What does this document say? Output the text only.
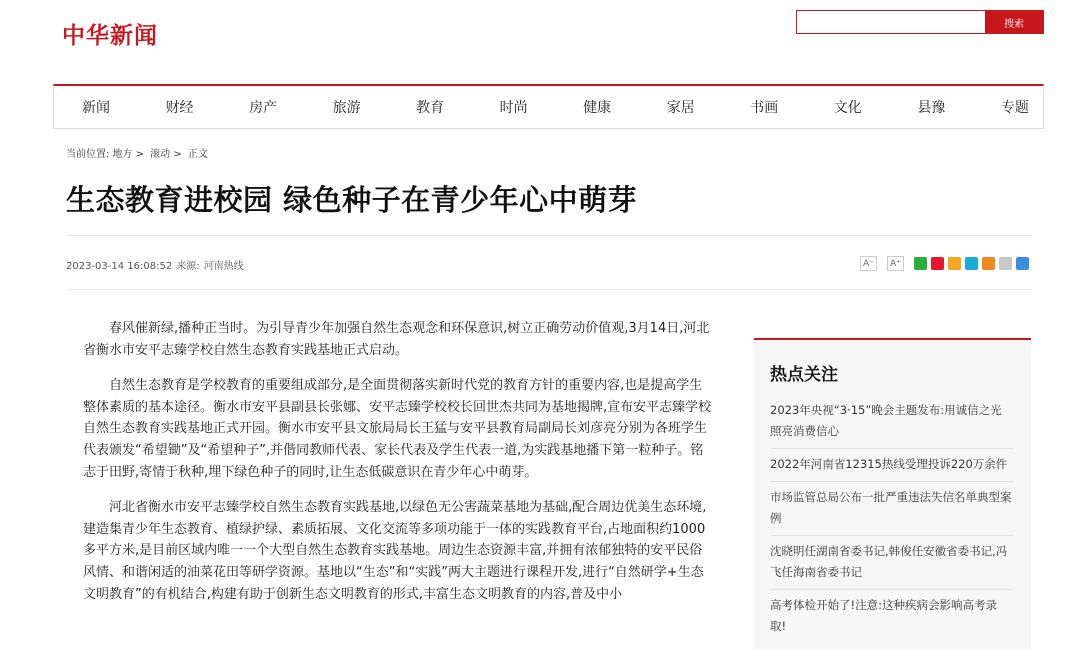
中华新闻	搜索
新闻	财经	房产	旅游	教育	时尚	健康	家居	书画	文化	县豫	专题
当前位置: 地方 > 滚动 > 正文
生态教育进校园 绿色种子在青少年心中萌芽
2023-03-14 16:08:52 来源: 河南热线	A⁻	A⁺

春风催新绿,播种正当时。为引导青少年加强自然生态观念和环保意识,树立正确劳动价值观,3月14日,河北省衡水市安平志臻学校自然生态教育实践基地正式启动。

自然生态教育是学校教育的重要组成部分,是全面贯彻落实新时代党的教育方针的重要内容,也是提高学生整体素质的基本途径。衡水市安平县副县长张娜、安平志臻学校校长回世杰共同为基地揭牌,宣布安平志臻学校自然生态教育实践基地正式开园。衡水市安平县文旅局局长王猛与安平县教育局副局长刘彦亮分别为各班学生代表颁发“希望锄”及“希望种子”,并偕同教师代表、家长代表及学生代表一道,为实践基地播下第一粒种子。铭志于田野,寄情于秋种,埋下绿色种子的同时,让生态低碳意识在青少年心中萌芽。

河北省衡水市安平志臻学校自然生态教育实践基地,以绿色无公害蔬菜基地为基础,配合周边优美生态环境,建造集青少年生态教育、植绿护绿、素质拓展、文化交流等多项功能于一体的实践教育平台,占地面积约1000多平方米,是目前区域内唯一一个大型自然生态教育实践基地。周边生态资源丰富,并拥有浓郁独特的安平民俗风情、和谐闲适的油菜花田等研学资源。基地以“生态”和“实践”两大主题进行课程开发,进行“自然研学+生态文明教育”的有机结合,构建有助于创新生态文明教育的形式,丰富生态文明教育的内容,普及中小

热点关注
2023年央视“3·15”晚会主题发布:用诚信之光照亮消费信心
2022年河南省12315热线受理投诉220万余件
市场监管总局公布一批严重违法失信名单典型案例
沈晓明任湖南省委书记,韩俊任安徽省委书记,冯飞任海南省委书记
高考体检开始了!注意:这种疾病会影响高考录取!
